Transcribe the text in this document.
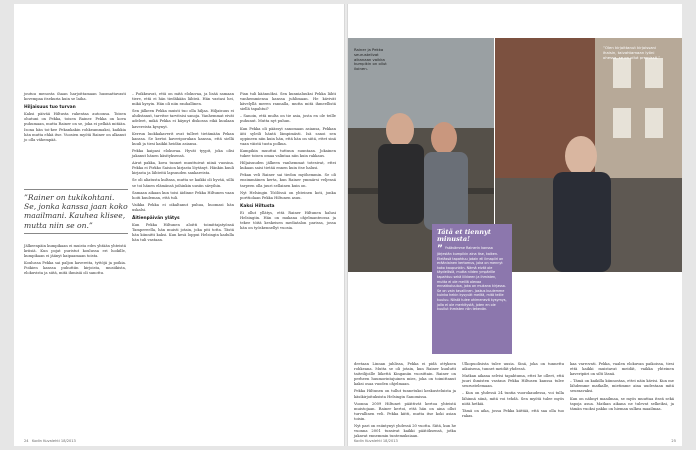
joutuu menosta ihaan harjoittamaan huomattavasti kovempaa itsekuria kuin se laiha.

Hiljaisuus tuo turvan

Kaksi päivää Hiltusta rakentaa autoonsa. Toisen ohutuni on Pekka, toisen Rainer. Pekka on kova puhumaan, mutta Rainer on se, joka ei pelkää mitään. Isona hän toi-kee Pekankakin rohkeammaksi, kaikkia hän mutta ehkä itse. Vuosien myötä Rainer on alkanut jo olla vähempää.

”Rainer on tukikohtani. Se, jonka kanssa jaan koko maailmani. Kauhea klisee, mutta niin se on.”

Jälkeenpäin kumpikaan ei muista edes yhtään yhteistä kriisiä. Kun pojat puristut koulussa eri luokille, kumpikaan ei jäänyt kaipaamaan toista.

Koulussa Pekka sai paljon kavereita, tyttöjä ja poikia. Poikien kanssa puhuttiin kirjoista, musiikista, elokuvista ja siitä, mitä ihmisiä oli sanottu.

– Poikkeavat, että on mitä elokuvaa, ja lisää samaan tiere, että ei hän tiedäkään lähteä. Hän vastasi hei, mikä kysyin. Hän oli niin rauhallinen.

Sen jälkeen Pekka muisti tuo olla hiljaa. Hiljaisuus ei ahdistanut, tarvitse tarvitsisi sanoja. Vanhemmat eivät adeleet, mikä Pekka ei käynyt diskossa eikä kuulaan kavereista kysynyt.

Kerrun luokkakaverit ovat tulleet tietämään Pekan kanssa. Se kertoi kaveriporukan kanssa, että siellä kuuli ja tiesi kaikki heidän asiansa.

Pekka kaipasi elokuvaa. Hyvät tyypit, joka olisi jakanut hänen käsityksensä.

Airut pakka, kova tunnet muuttuivat niinä vuosina. Pekka ei Pirkko Saision kirjasta löytänyt. Hänkin kuuli kirjasta ja lähteitä lapsuuden sankareista.

Se oli aliatusta kultasa, mutta se kaikki oli hyvää, sillä se toi hänen elämänsä joihinkin uusiin sävyihin.

Samaan aikaan kun toisi äidinne Pekka Hiltunen vaan hoiti kuuleman, että tuli.

Vaikka Pekka ei oikaltanut puhua, huomasi hän uskalsi.

Äitienpäivän ylätys

Kun Pekka Hiltunen aloitti toimittajatyönsä Tampereella, hän muisti jotain, joka piti totta. Tästä hän kiinnitti kaksi. Kun kesä loppui Helsingin kadulla hän tuli vastaan.

Pian tuli käännöksi. Sen kunnialuuksi Pekka lähti vanhemmiensa kanssa juhlimaan. He kävivät kävelyllä meren rannalla, mutta mitä ihmeellistä siellä tapahtui?

– Sanoin, että multa on tie asia, josta en ole teille puhunut. Mutta nyt puhun.

Kun Pekka oli päässyt sanomaan asiansa, Pekkan äiti syleili häntä lämpimästi. Isä sanoi sen oppineen niin kuin hän, että hän on siitä, ettet sinä vaan väistä tuota polkua.

Kumpikin muuttui tuttuun suuntaan. Jokainen tukee toisen omaa valintaa niin kuin rakkaus.

Hiljaisuuden jälkeen vanhemmat totesivat, ettei kukaan saisi tietää ennen kuin itse halusi.

Pekan veli Rainer sai tiedon myöhemmin. Se oli ensimmäinen kerta, kun Rainer ymmärsi veljensä tarpeen olla juuri sellainen kuin on.

Nyt Helsingin Töölössä on yhteinen koti, jonka porttiolaan Pekka Hiltunen asuu.

Kaksi Hiltusta

Ei ollut yllätys, että Rainer Hiltunen halusi Helsingiin. Hän on mukana ohjelmanteossa ja tekee töitä keskeisen mediatalon parissa, jossa hän on työskennellyt vuosia.

24 Kodin Kuvalehti 18/2013
Rainer ja Pekka seurustelivat aikanaan vaikka kumpikin on ollut iloinen.
”Olen kirjoittanut kirjoissani ihaisin, taivahtamaan lyöni ohessa, se on ollut premissä.”
Tätä et tiennyt minusta!
” Ystävämme Rainerin kanssa järjestän kumpikin aina itse, kaiken. Etelässä tapahtuu jotain eli ilmapiiri on eräänlainen kertomus, joka on mennyt koko kaupunkiin. Nämä eivät ole täydellisiä, mutta niiden ympärille tapahtuu sekä liikkeen ja ihmisten, mutta ei ole meillä olevaa ennakkoluuloa, joka on mukana kirjassa. Se on vain tavallinen. Joskus kuulemme kuinka hekin kysyvät meiltä, mitä teille kuuluu. Niistä tulee ohimenevä kysymys, jolla ei ole merkitystä, joten en ole kuullut ihmisten niin tekevän.

deetaan Linnan juhlissa, Pekka ei pidä ottyksen rohkeana. Mutta se oli jotain, kun Rainer kuulutti taiteilijoille liikettä Kinganiin vuosittain. Rainer on perheen huumorintajuinen mies, joka on toimittanut kaksi osaa vuoden ohjelmaan.

Pekka Hiltunen on tullut tunnetuksi keskusteluista ja käsikirjoituksista Helsingin Sanomissa.

Vuonna 2009 Hiltunet päättivät kertoa yhteistä muistojaan. Rainer kertoi, että hän on aina ollut turvallinen veli. Pekka kiitti, mutta itse koki asian toisin.

Nyt pari on esiintynyt yhdessä 20 vuotta. Siitä, kun he vuonna 2001 tunsivat kaikki päätöksensä, jotka jakavat ennemmin tuntemuksiaan.

Ulkopuolisista tulee uusia. Sinä, joka on tunnettu aikuisena, tunnet meidät yhdessä.

Matkan aikana selvisi tapahtuma, ettei he olleet, että juuri ihmisten vastaus Pekka Hiltusen kanssa tulee seurustelemaan.

– Kun on yhdessä 24 tuntia vuorokaudessa, voi tulla lähinnä siinä, mitä voi tehdä. Sen myötä tulee myös niitä hetkiä.

Tämä on aika, jossa Pekka kiittää, että saa olla tuo rakas.

kaa varrovati. Pekka, vaalen elokuvan paikoissa, tiesi että kaikki muistavat meidät, vaikka yhteinen kaveripiiri on silti läsnä.

– Tämä on kaikilla kiinnostaa, ettei näin kävisi. Kun me lähdemme matkalle, mietimme aina uudestaan mitä seuraavaksi.

Kun on nähnyt maailmaa, se myös muuttaa itseä sekä tapoja asua. Matkan aikana ne tulevat selkeiksi, ja tämän vuoksi pakko on hieman sulkea maailmaa.

Kodin Kuvalehti 18/2013	25
